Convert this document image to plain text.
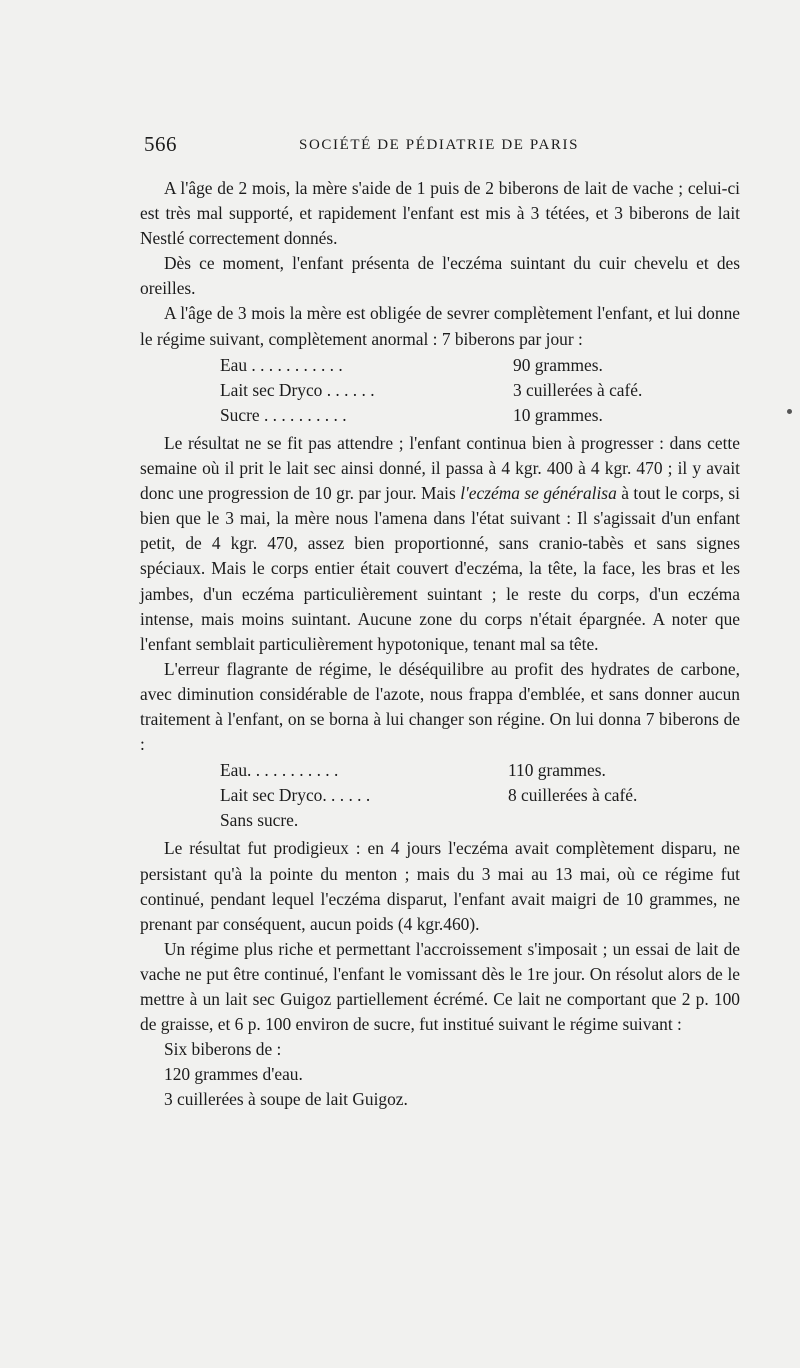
566	SOCIÉTÉ DE PÉDIATRIE DE PARIS

A l'âge de 2 mois, la mère s'aide de 1 puis de 2 biberons de lait de vache ; celui-ci est très mal supporté, et rapidement l'enfant est mis à 3 tétées, et 3 biberons de lait Nestlé correctement donnés.

Dès ce moment, l'enfant présenta de l'eczéma suintant du cuir chevelu et des oreilles.

A l'âge de 3 mois la mère est obligée de sevrer complètement l'enfant, et lui donne le régime suivant, complètement anormal : 7 biberons par jour :

Eau . . . . . . . . . . .	90 grammes.
Lait sec Dryco . . . . . .	3 cuillerées à café.
Sucre . . . . . . . . . .	10 grammes.

Le résultat ne se fit pas attendre ; l'enfant continua bien à progresser : dans cette semaine où il prit le lait sec ainsi donné, il passa à 4 kgr. 400 à 4 kgr. 470 ; il y avait donc une progression de 10 gr. par jour. Mais l'eczéma se généralisa à tout le corps, si bien que le 3 mai, la mère nous l'amena dans l'état suivant : Il s'agissait d'un enfant petit, de 4 kgr. 470, assez bien proportionné, sans cranio-tabès et sans signes spéciaux. Mais le corps entier était couvert d'eczéma, la tête, la face, les bras et les jambes, d'un eczéma particulièrement suintant ; le reste du corps, d'un eczéma intense, mais moins suintant. Aucune zone du corps n'était épargnée. A noter que l'enfant semblait particulièrement hypotonique, tenant mal sa tête.

L'erreur flagrante de régime, le déséquilibre au profit des hydrates de carbone, avec diminution considérable de l'azote, nous frappa d'emblée, et sans donner aucun traitement à l'enfant, on se borna à lui changer son régine. On lui donna 7 biberons de :

Eau. . . . . . . . . . .	110 grammes.
Lait sec Dryco. . . . . .	8 cuillerées à café.
Sans sucre.

Le résultat fut prodigieux : en 4 jours l'eczéma avait complètement disparu, ne persistant qu'à la pointe du menton ; mais du 3 mai au 13 mai, où ce régime fut continué, pendant lequel l'eczéma disparut, l'enfant avait maigri de 10 grammes, ne prenant par conséquent, aucun poids (4 kgr.460).

Un régime plus riche et permettant l'accroissement s'imposait ; un essai de lait de vache ne put être continué, l'enfant le vomissant dès le 1re jour. On résolut alors de le mettre à un lait sec Guigoz partiellement écrémé. Ce lait ne comportant que 2 p. 100 de graisse, et 6 p. 100 environ de sucre, fut institué suivant le régime suivant :

Six biberons de :
120 grammes d'eau.
3 cuillerées à soupe de lait Guigoz.
